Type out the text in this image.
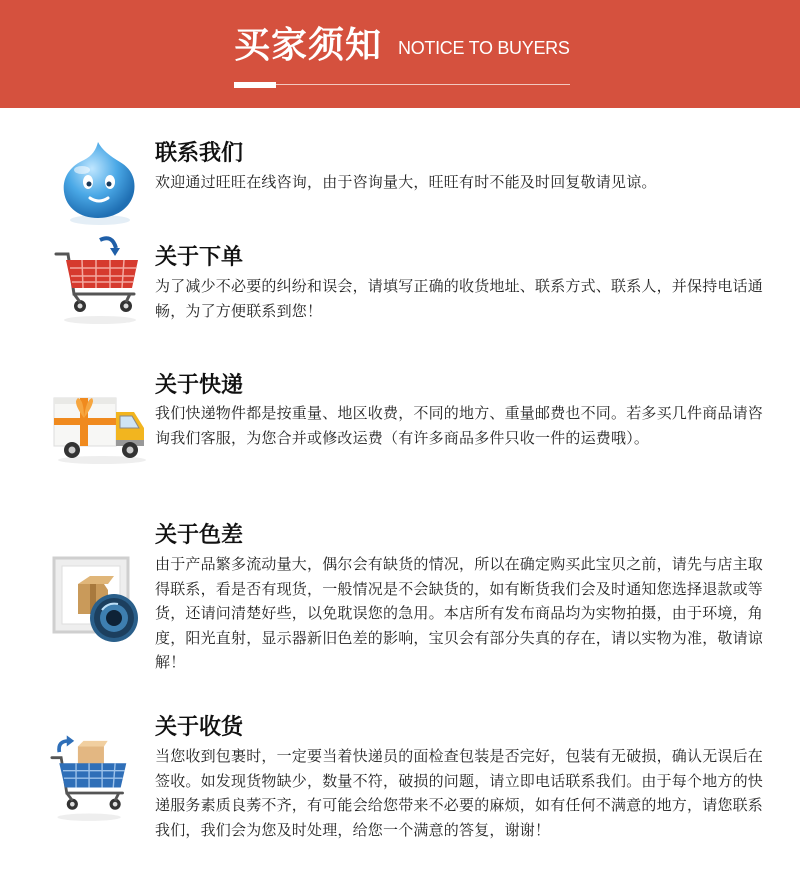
买家须知 NOTICE TO BUYERS
联系我们
欢迎通过旺旺在线咨询，由于咨询量大，旺旺有时不能及时回复敬请见谅。
关于下单
为了减少不必要的纠纷和误会，请填写正确的收货地址、联系方式、联系人，并保持电话通畅，为了方便联系到您！
关于快递
我们快递物件都是按重量、地区收费，不同的地方、重量邮费也不同。若多买几件商品请咨询我们客服，为您合并或修改运费（有许多商品多件只收一件的运费哦）。
关于色差
由于产品繁多流动量大，偶尔会有缺货的情况，所以在确定购买此宝贝之前，请先与店主取得联系，看是否有现货，一般情况是不会缺货的，如有断货我们会及时通知您选择退款或等货，还请问清楚好些，以免耽误您的急用。本店所有发布商品均为实物拍摄，由于环境，角度，阳光直射，显示器新旧色差的影响，宝贝会有部分失真的存在，请以实物为准，敬请谅解！
关于收货
当您收到包裹时，一定要当着快递员的面检查包装是否完好，包装有无破损，确认无误后在签收。如发现货物缺少，数量不符，破损的问题，请立即电话联系我们。由于每个地方的快递服务素质良莠不齐，有可能会给您带来不必要的麻烦，如有任何不满意的地方，请您联系我们，我们会为您及时处理，给您一个满意的答复，谢谢！
